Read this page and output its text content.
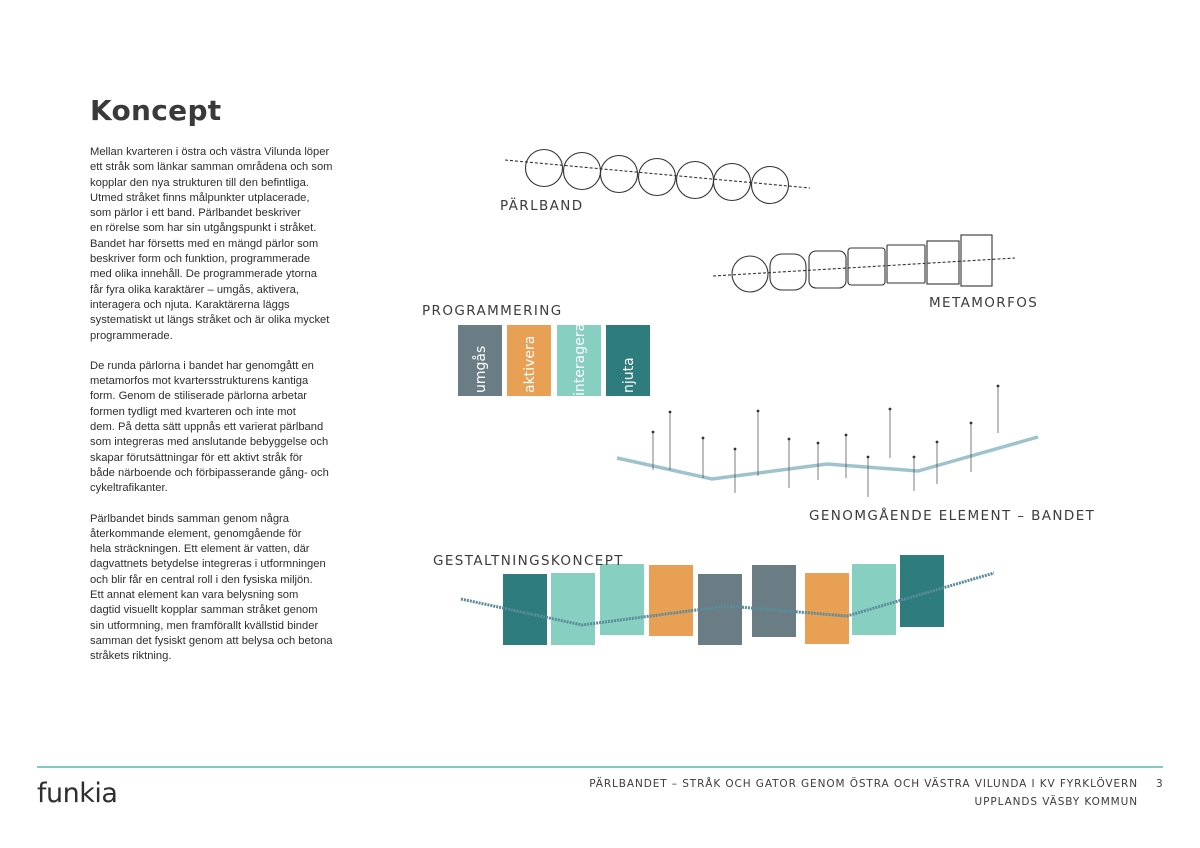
Koncept

Mellan kvarteren i östra och västra Vilunda löper
ett stråk som länkar samman områdena och som
kopplar den nya strukturen till den befintliga.
Utmed stråket finns målpunkter utplacerade,
som pärlor i ett band. Pärlbandet beskriver
en rörelse som har sin utgångspunkt i stråket.
Bandet har försetts med en mängd pärlor som
beskriver form och funktion, programmerade
med olika innehåll. De programmerade ytorna
får fyra olika karaktärer – umgås, aktivera,
interagera och njuta. Karaktärerna läggs
systematiskt ut längs stråket och är olika mycket
programmerade.

De runda pärlorna i bandet har genomgått en
metamorfos mot kvartersstrukturens kantiga
form. Genom de stiliserade pärlorna arbetar
formen tydligt med kvarteren och inte mot
dem. På detta sätt uppnås ett varierat pärlband
som integreras med anslutande bebyggelse och
skapar förutsättningar för ett aktivt stråk för
både närboende och förbipasserande gång- och
cykeltrafikanter.

Pärlbandet binds samman genom några
återkommande element, genomgående för
hela sträckningen. Ett element är vatten, där
dagvattnets betydelse integreras i utformningen
och blir får en central roll i den fysiska miljön.
Ett annat element kan vara belysning som
dagtid visuellt kopplar samman stråket genom
sin utformning, men framförallt kvällstid binder
samman det fysiskt genom att belysa och betona
stråkets riktning.

umgås aktivera interagera njuta
PÄRLBAND
METAMORFOS
PROGRAMMERING
GENOMGÅENDE ELEMENT – BANDET
GESTALTNINGSKONCEPT
funkia	PÄRLBANDET – STRÅK OCH GATOR GENOM ÖSTRA OCH VÄSTRA VILUNDA I KV FYRKLÖVERN
UPPLANDS VÄSBY KOMMUN
3
